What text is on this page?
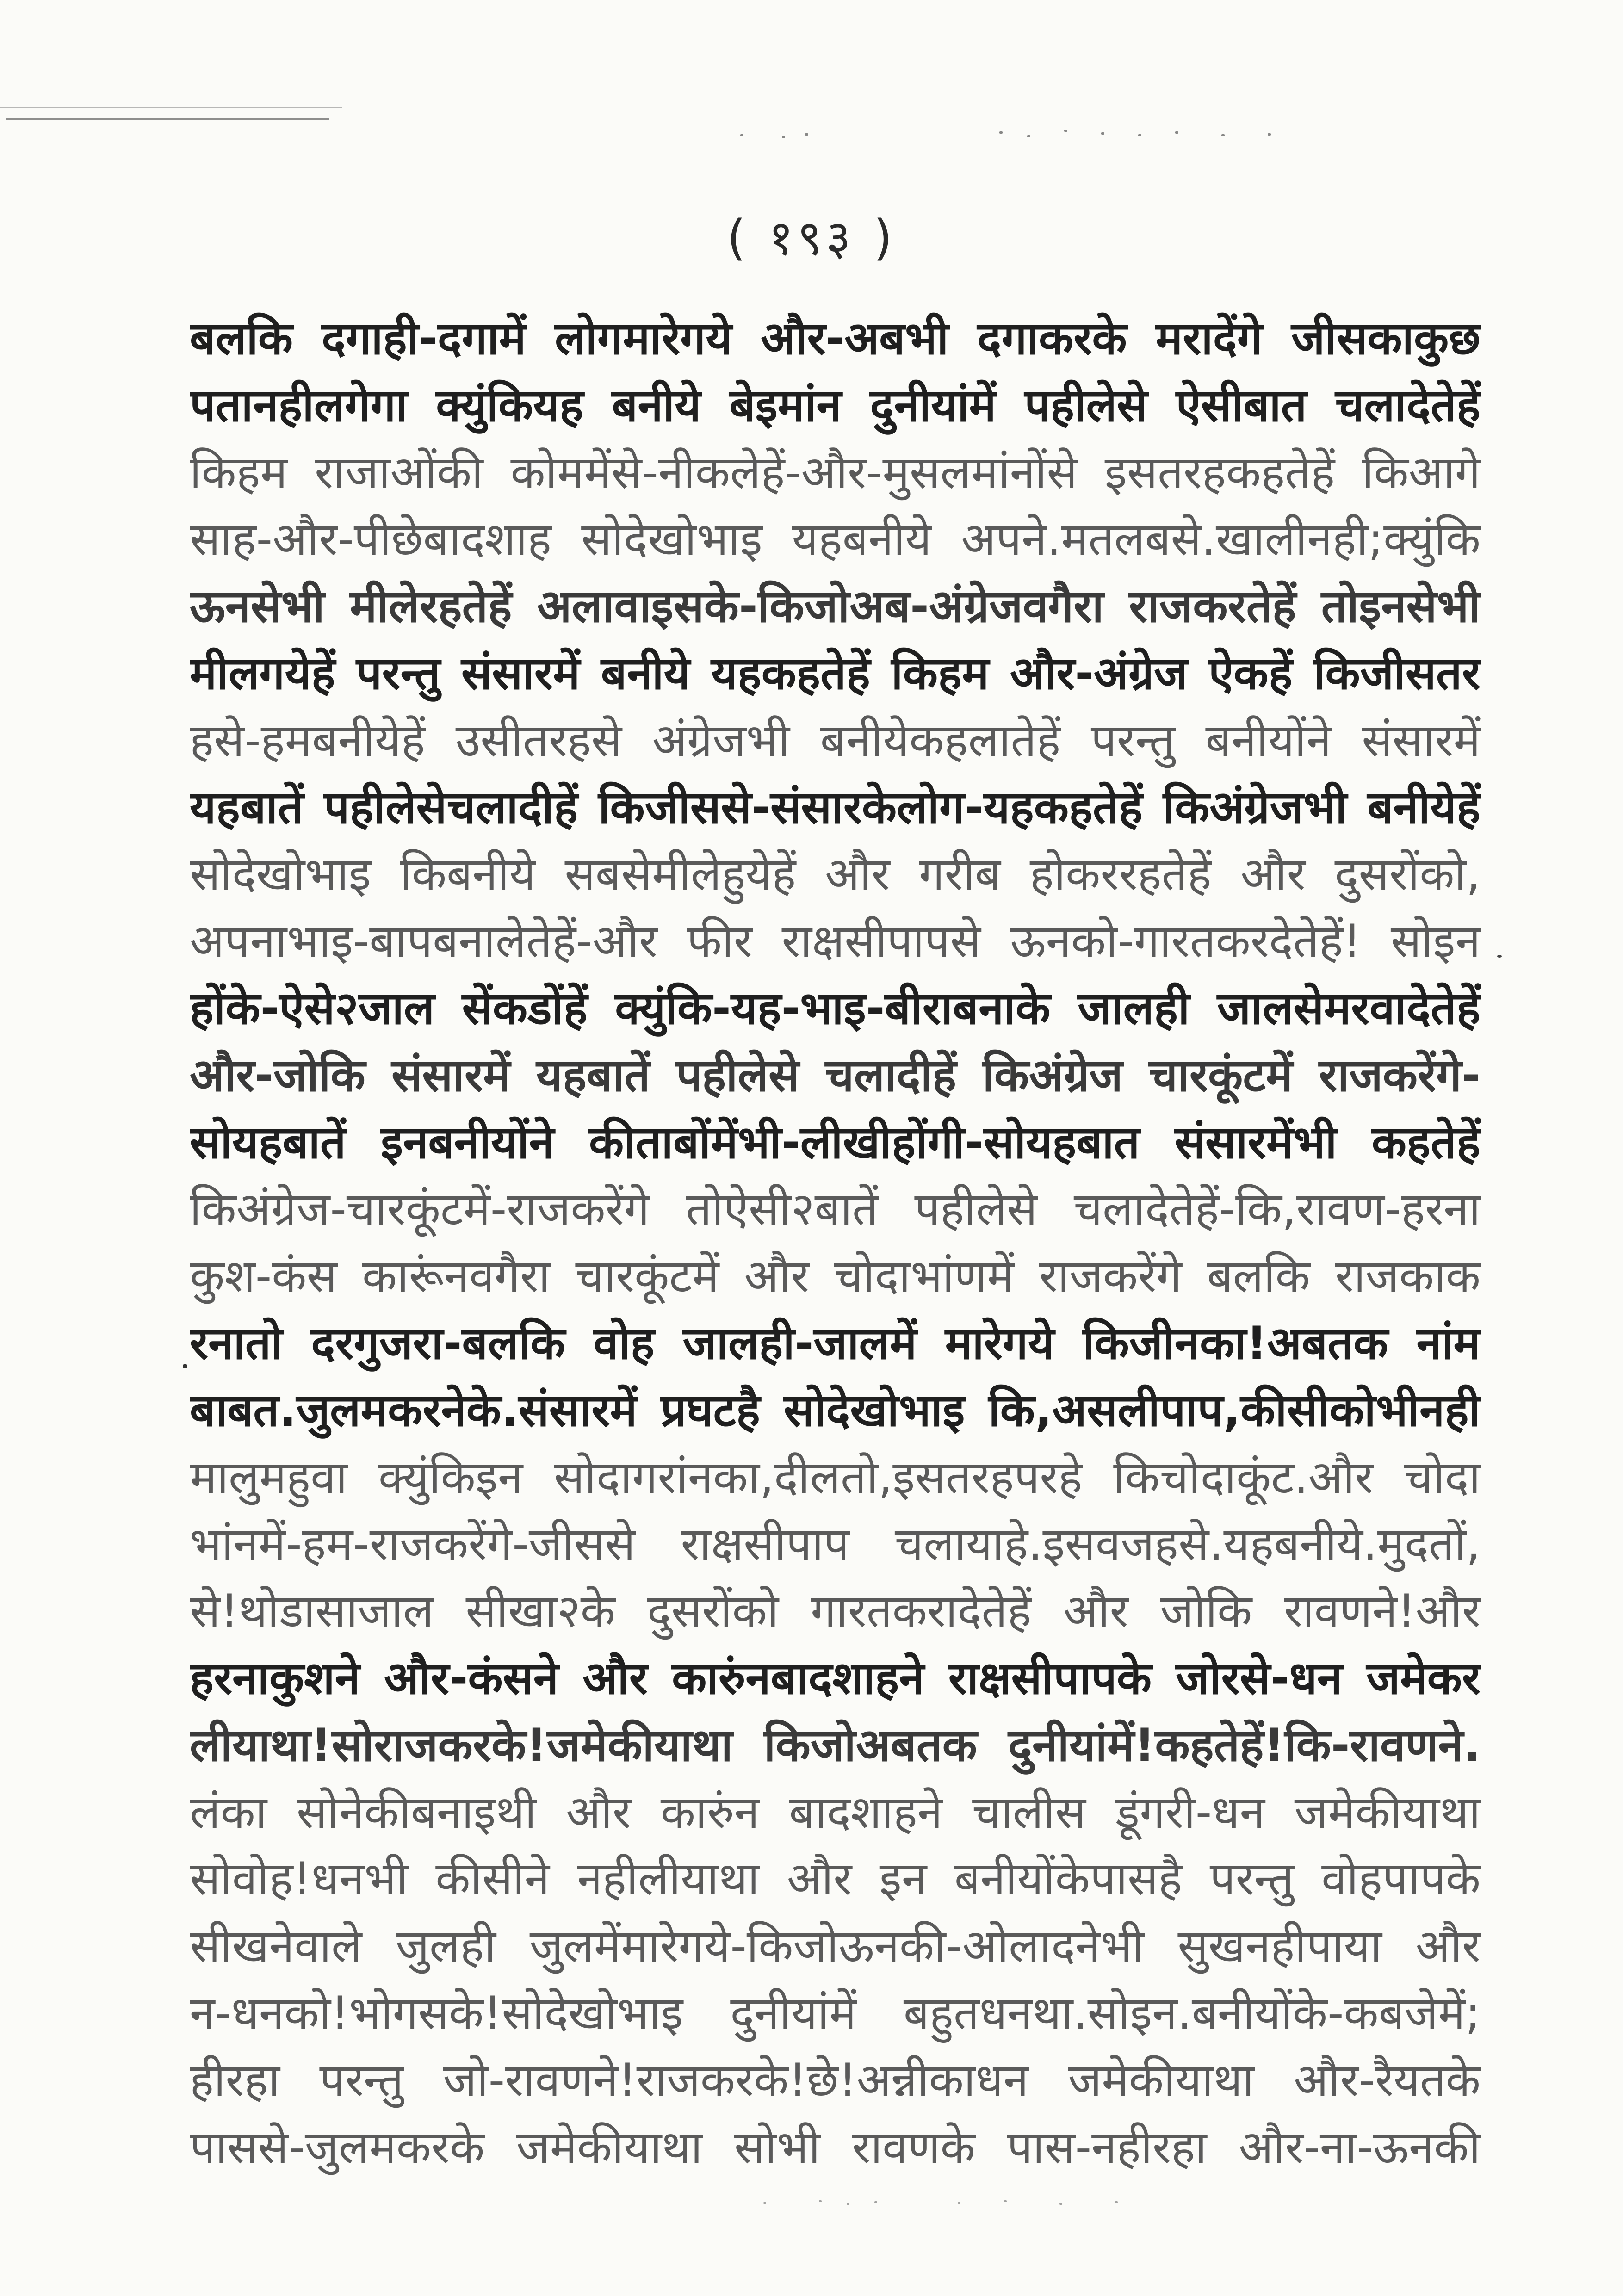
( १९३ )
बलकि दगाही-दगामें लोगमारेगये और-अबभी दगाकरके मरादेंगे जीसकाकुछ
पतानहीलगेगा क्युंकियह बनीये बेइमांन दुनीयांमें पहीलेसे ऐसीबात चलादेतेहें
किहम राजाओंकी कोममेंसे-नीकलेहें-और-मुसलमांनोंसे इसतरहकहतेहें किआगे
साह-और-पीछेबादशाह सोदेखोभाइ यहबनीये अपने.मतलबसे.खालीनही;क्युंकि
ऊनसेभी मीलेरहतेहें अलावाइसके-किजोअब-अंग्रेजवगैरा राजकरतेहें तोइनसेभी
मीलगयेहें परन्तु संसारमें बनीये यहकहतेहें किहम और-अंग्रेज ऐकहें किजीसतर
हसे-हमबनीयेहें उसीतरहसे अंग्रेजभी बनीयेकहलातेहें परन्तु बनीयोंने संसारमें
यहबातें पहीलेसेचलादीहें किजीससे-संसारकेलोग-यहकहतेहें किअंग्रेजभी बनीयेहें
सोदेखोभाइ किबनीये सबसेमीलेहुयेहें और गरीब होकररहतेहें और दुसरोंको,
अपनाभाइ-बापबनालेतेहें-और फीर राक्षसीपापसे ऊनको-गारतकरदेतेहें! सोइन
होंके-ऐसे२जाल सेंकडोंहें क्युंकि-यह-भाइ-बीराबनाके जालही जालसेमरवादेतेहें
और-जोकि संसारमें यहबातें पहीलेसे चलादीहें किअंग्रेज चारकूंटमें राजकरेंगे-
सोयहबातें इनबनीयोंने कीताबोंमेंभी-लीखीहोंगी-सोयहबात संसारमेंभी कहतेहें
किअंग्रेज-चारकूंटमें-राजकरेंगे तोऐसी२बातें पहीलेसे चलादेतेहें-कि,रावण-हरना
कुश-कंस कारूंनवगैरा चारकूंटमें और चोदाभांणमें राजकरेंगे बलकि राजकाक
रनातो दरगुजरा-बलकि वोह जालही-जालमें मारेगये किजीनका!अबतक नांम
बाबत.जुलमकरनेके.संसारमें प्रघटहै सोदेखोभाइ कि,असलीपाप,कीसीकोभीनही
मालुमहुवा क्युंकिइन सोदागरांनका,दीलतो,इसतरहपरहे किचोदाकूंट.और चोदा
भांनमें-हम-राजकरेंगे-जीससे राक्षसीपाप चलायाहे.इसवजहसे.यहबनीये.मुदतों,
से!थोडासाजाल सीखा२के दुसरोंको गारतकरादेतेहें और जोकि रावणने!और
हरनाकुशने और-कंसने और कारुंनबादशाहने राक्षसीपापके जोरसे-धन जमेकर
लीयाथा!सोराजकरके!जमेकीयाथा किजोअबतक दुनीयांमें!कहतेहें!कि-रावणने.
लंका सोनेकीबनाइथी और कारुंन बादशाहने चालीस डूंगरी-धन जमेकीयाथा
सोवोह!धनभी कीसीने नहीलीयाथा और इन बनीयोंकेपासहै परन्तु वोहपापके
सीखनेवाले जुलही जुलमेंमारेगये-किजोऊनकी-ओलादनेभी सुखनहीपाया और
न-धनको!भोगसके!सोदेखोभाइ दुनीयांमें बहुतधनथा.सोइन.बनीयोंके-कबजेमें;
हीरहा परन्तु जो-रावणने!राजकरके!छे!अन्नीकाधन जमेकीयाथा और-रैयतके
पाससे-जुलमकरके जमेकीयाथा सोभी रावणके पास-नहीरहा और-ना-ऊनकी
